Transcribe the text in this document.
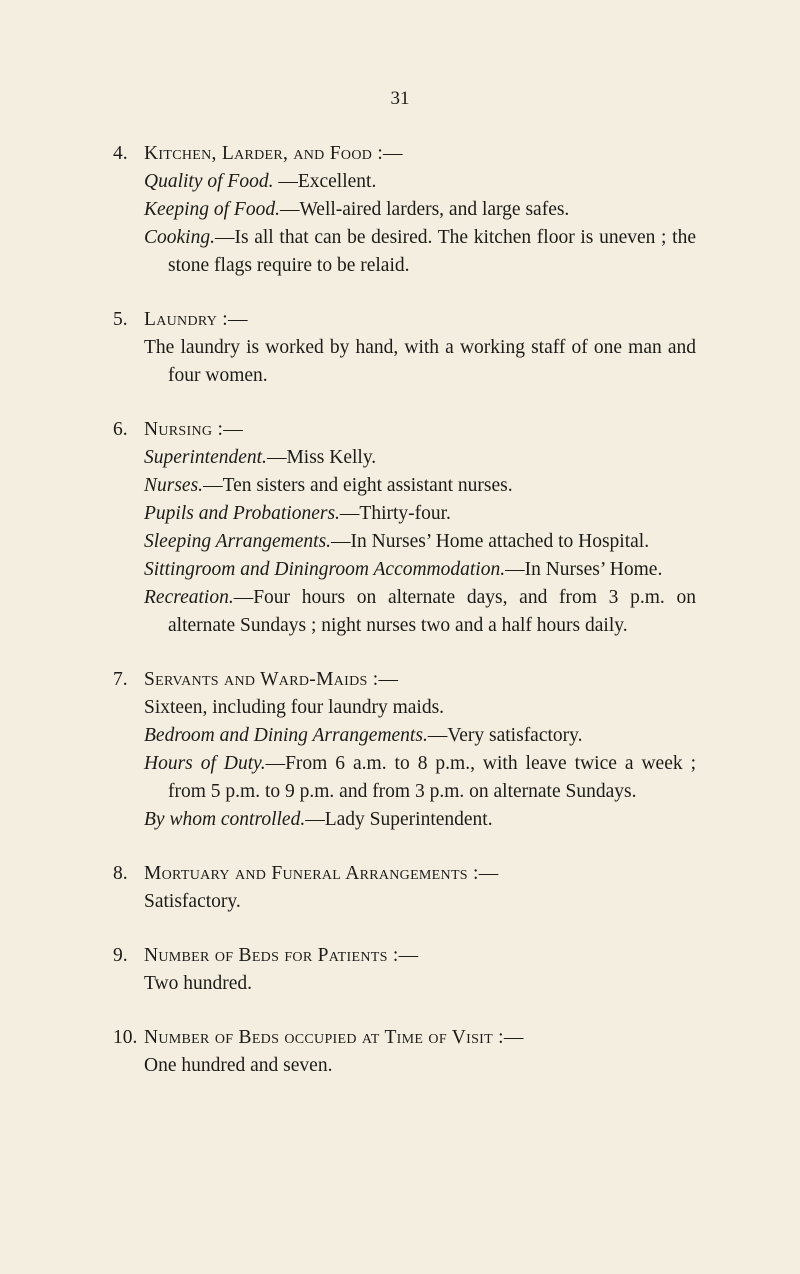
31
4. Kitchen, Larder, and Food :—
Quality of Food. —Excellent.
Keeping of Food.—Well-aired larders, and large safes.
Cooking.—Is all that can be desired. The kitchen floor is uneven ; the stone flags require to be relaid.
5. Laundry :—
The laundry is worked by hand, with a working staff of one man and four women.
6. Nursing :—
Superintendent.—Miss Kelly.
Nurses.—Ten sisters and eight assistant nurses.
Pupils and Probationers.—Thirty-four.
Sleeping Arrangements.—In Nurses’ Home attached to Hospital.
Sittingroom and Diningroom Accommodation.—In Nurses’ Home.
Recreation.—Four hours on alternate days, and from 3 p.m. on alternate Sundays ; night nurses two and a half hours daily.
7. Servants and Ward-Maids :—
Sixteen, including four laundry maids.
Bedroom and Dining Arrangements.—Very satisfactory.
Hours of Duty.—From 6 a.m. to 8 p.m., with leave twice a week ; from 5 p.m. to 9 p.m. and from 3 p.m. on alternate Sundays.
By whom controlled.—Lady Superintendent.
8. Mortuary and Funeral Arrangements :—
Satisfactory.
9. Number of Beds for Patients :—
Two hundred.
10. Number of Beds occupied at Time of Visit :—
One hundred and seven.
